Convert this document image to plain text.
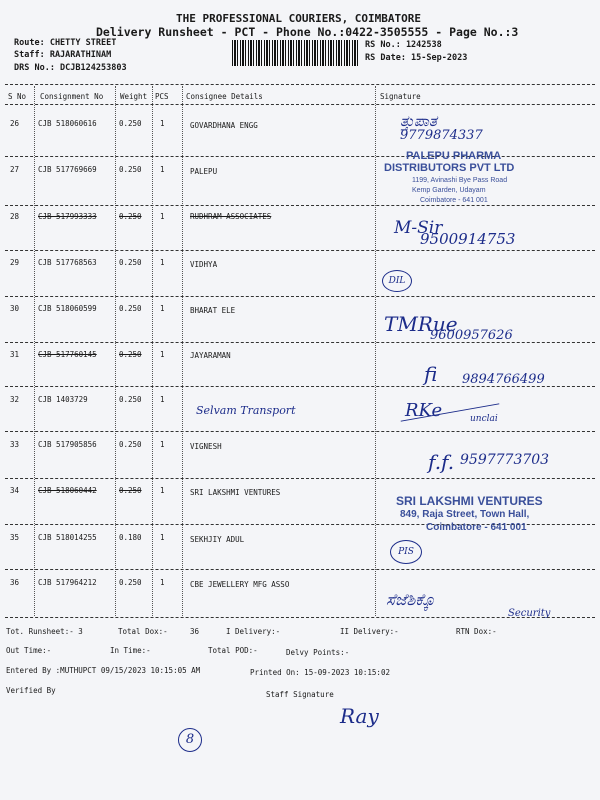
THE PROFESSIONAL COURIERS, COIMBATORE
Delivery Runsheet - PCT - Phone No.:0422-3505555 - Page No.:3
Route: CHETTY STREET
Staff: RAJARATHINAM
DRS No.: DCJB124253803
RS No.: 1242538
RS Date: 15-Sep-2023
S No Consignment No Weight PCS Consignee Details	Signature
26	CJB 518060616	0.250 1	GOVARDHANA ENGG
27	CJB 517769669	0.250 1	PALEPU
28	CJB 517993333	0.250 1	RUDHRAM ASSOCIATES
29	CJB 517768563	0.250 1	VIDHYA
30	CJB 518060599	0.250 1	BHARAT ELE
31	CJB 517760145	0.250 1	JAYARAMAN
32	CJB 1403729	0.250 1
33	CJB 517905856	0.250 1	VIGNESH
34	CJB 518060442	0.250 1	SRI LAKSHMI VENTURES
35	CJB 518014255	0.180 1	SEKHJIY ADUL
36	CJB 517964212	0.250 1	CBE JEWELLERY MFG ASSO
ತ್ತುಪಾತ
9779874337
PALEPU PHARMA
DISTRIBUTORS PVT LTD
1199, Avinashi Bye Pass Road
Kemp Garden, Udayam
Coimbatore - 641 001
M-Sir
9500914753
DIL
TMRue
9600957626
fi 9894766499
Selvam Transport	RKe	unclai
f.f. 9597773703
SRI LAKSHMI VENTURES
849, Raja Street, Town Hall,
Coimbatore - 641 001
PIS
ಸೆಜೆಶಿಕ್ಕೊ
Security
Tot. Runsheet:- 3	Total Dox:-	36	I Delivery:-	II Delivery:-	RTN Dox:-
Out Time:-	In Time:-	Total POD:-	Delvy Points:-
Entered By :MUTHUPCT 09/15/2023 10:15:05 AM	Printed On: 15-09-2023 10:15:02
Verified By	Staff Signature
Ray
8
